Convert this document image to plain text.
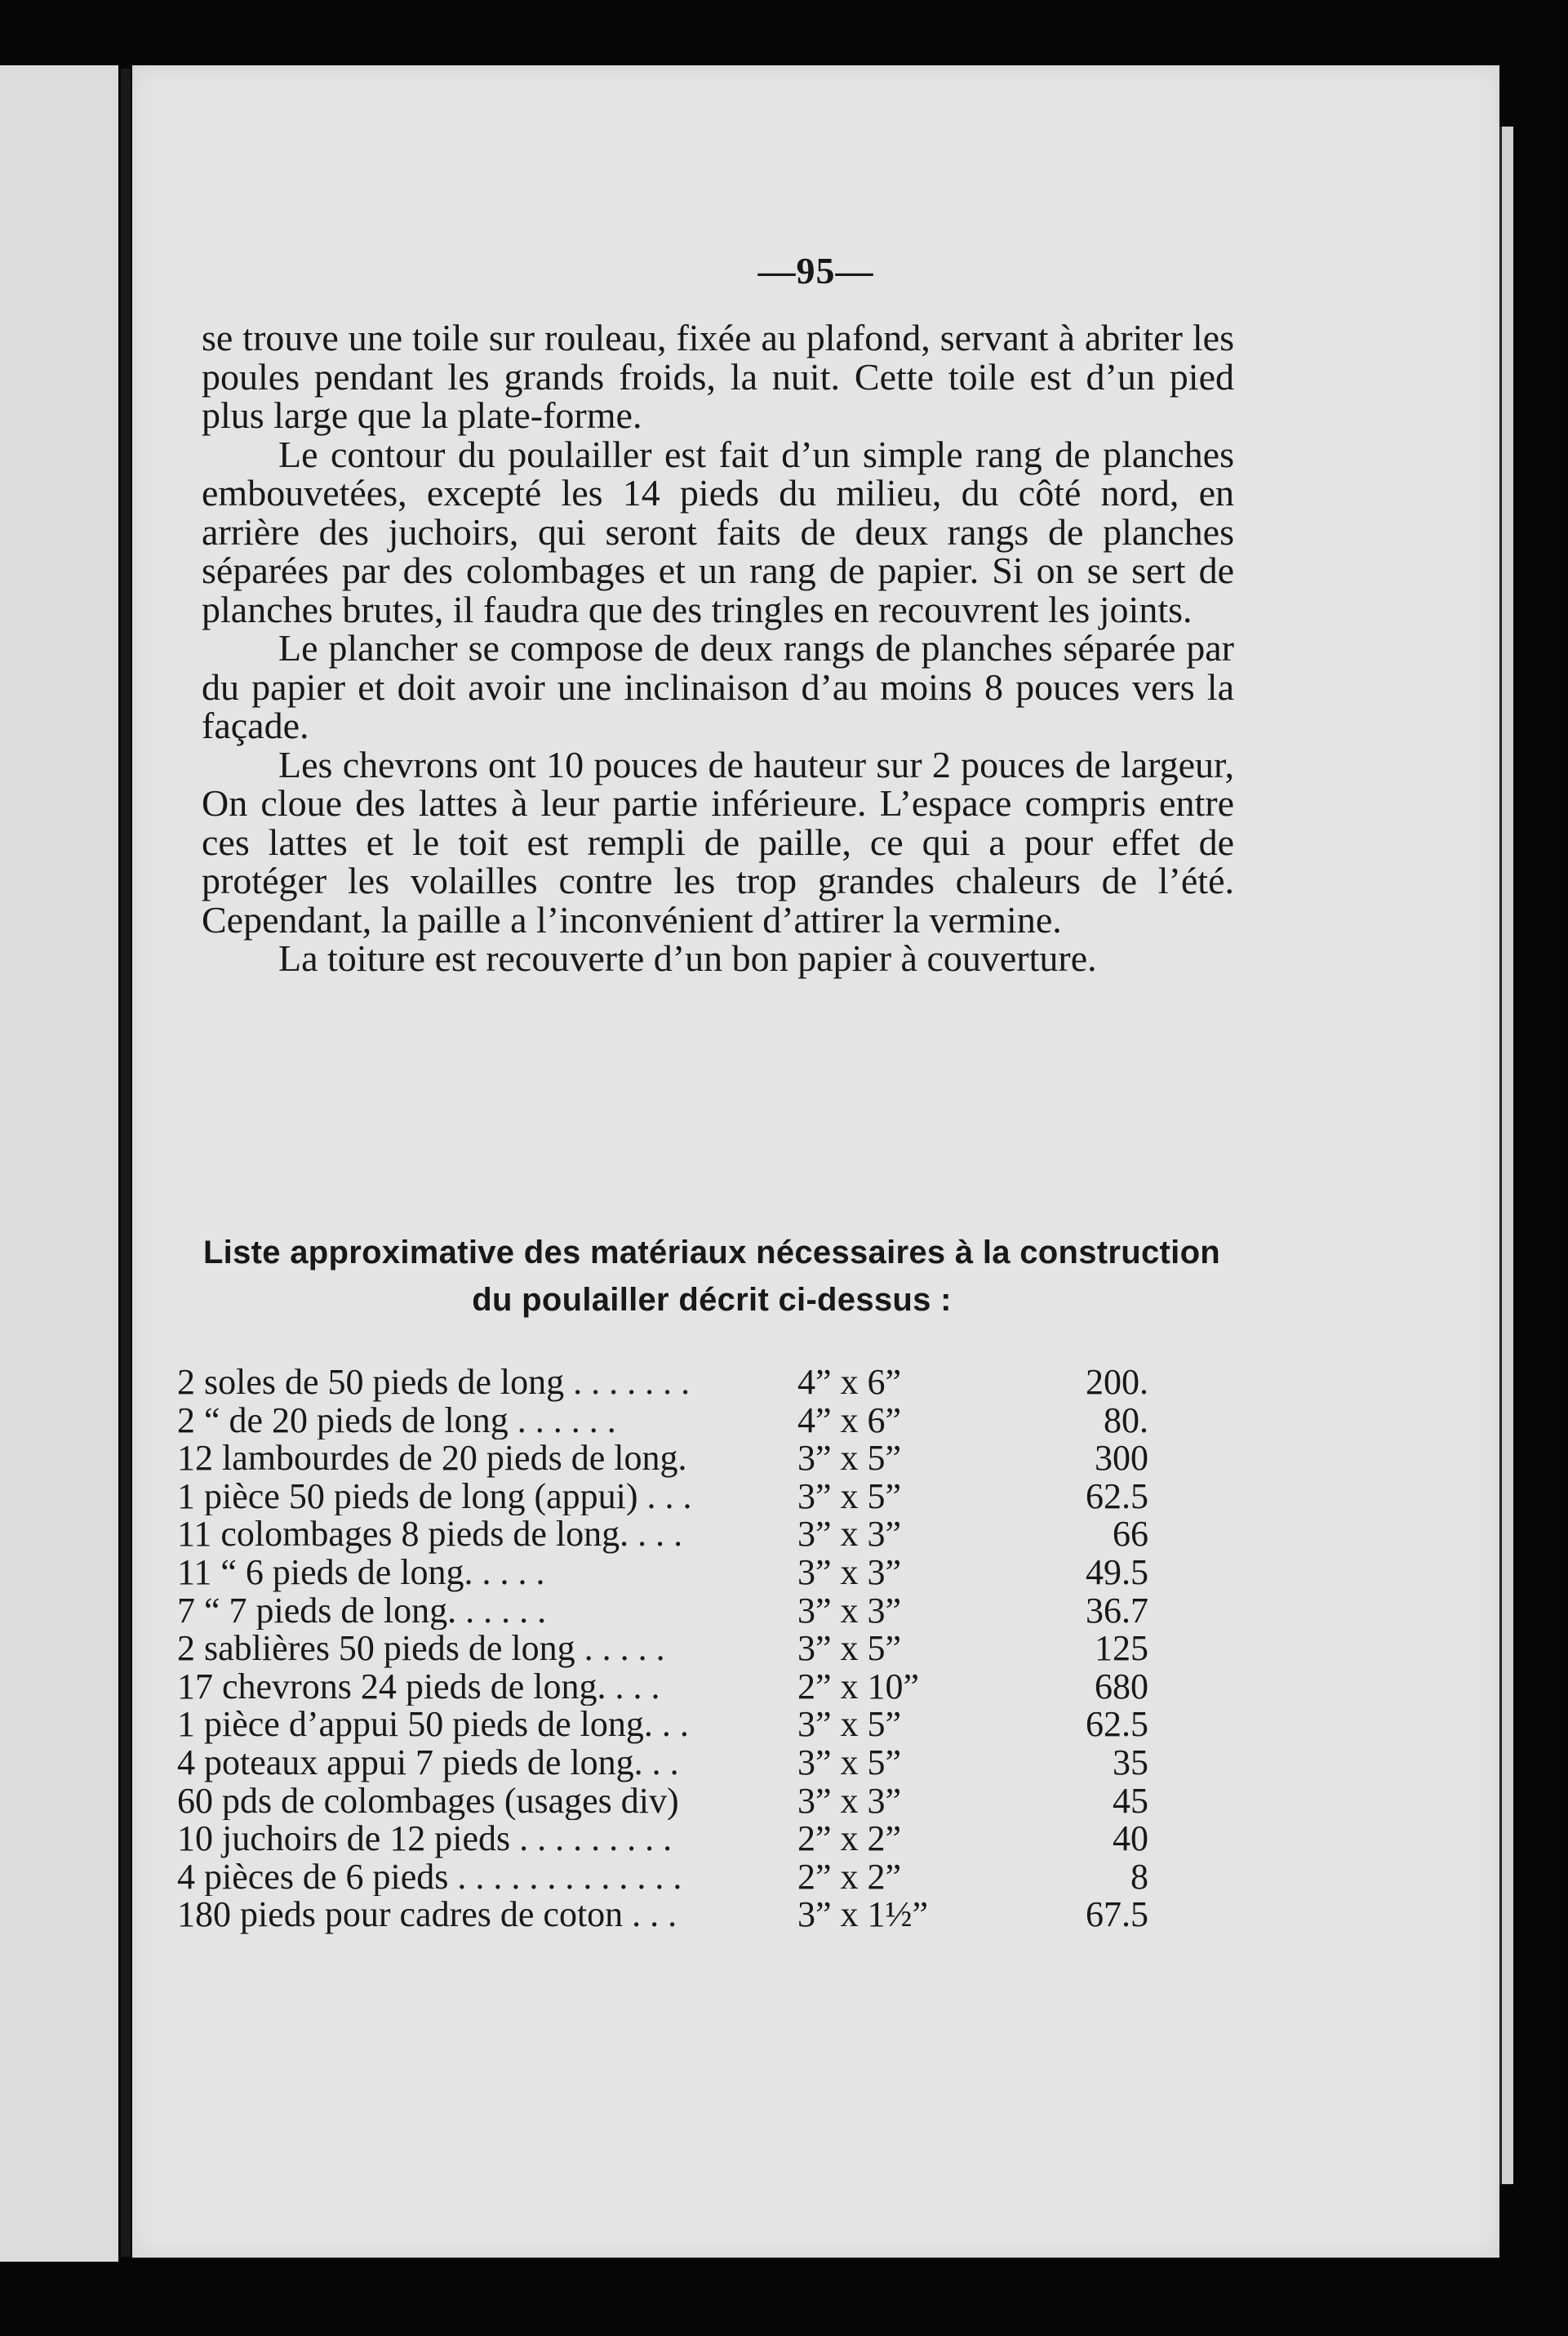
—95—

se trouve une toile sur rouleau, fixée au plafond, servant à abriter les poules pendant les grands froids, la nuit. Cette toile est d’un pied plus large que la plate-forme.

Le contour du poulailler est fait d’un simple rang de planches embouvetées, excepté les 14 pieds du milieu, du côté nord, en arrière des juchoirs, qui seront faits de deux rangs de planches séparées par des colombages et un rang de papier. Si on se sert de planches brutes, il faudra que des tringles en recouvrent les joints.

Le plancher se compose de deux rangs de planches séparée par du papier et doit avoir une inclinaison d’au moins 8 pouces vers la façade.

Les chevrons ont 10 pouces de hauteur sur 2 pouces de largeur, On cloue des lattes à leur partie inférieure. L’espace compris entre ces lattes et le toit est rempli de paille, ce qui a pour effet de protéger les volailles contre les trop grandes chaleurs de l’été. Cependant, la paille a l’inconvénient d’attirer la vermine.

La toiture est recouverte d’un bon papier à couverture.

Liste approximative des matériaux nécessaires à la construction du poulailler décrit ci-dessus :
2 soles de 50 pieds de long . . . . . . .	4” x 6”	200.
2 “ de 20 pieds de long . . . . . .	4” x 6”	80.
12 lambourdes de 20 pieds de long.	3” x 5”	300
1 pièce 50 pieds de long (appui) . . .	3” x 5”	62.5
11 colombages 8 pieds de long. . . .	3” x 3”	66
11 “ 6 pieds de long. . . . .	3” x 3”	49.5
7 “ 7 pieds de long. . . . . .	3” x 3”	36.7
2 sablières 50 pieds de long . . . . .	3” x 5”	125
17 chevrons 24 pieds de long. . . .	2” x 10”	680
1 pièce d’appui 50 pieds de long. . .	3” x 5”	62.5
4 poteaux appui 7 pieds de long. . .	3” x 5”	35
60 pds de colombages (usages div)	3” x 3”	45
10 juchoirs de 12 pieds . . . . . . . . .	2” x 2”	40
4 pièces de 6 pieds . . . . . . . . . . . . .	2” x 2”	8
180 pieds pour cadres de coton . . .	3” x 1½”	67.5
